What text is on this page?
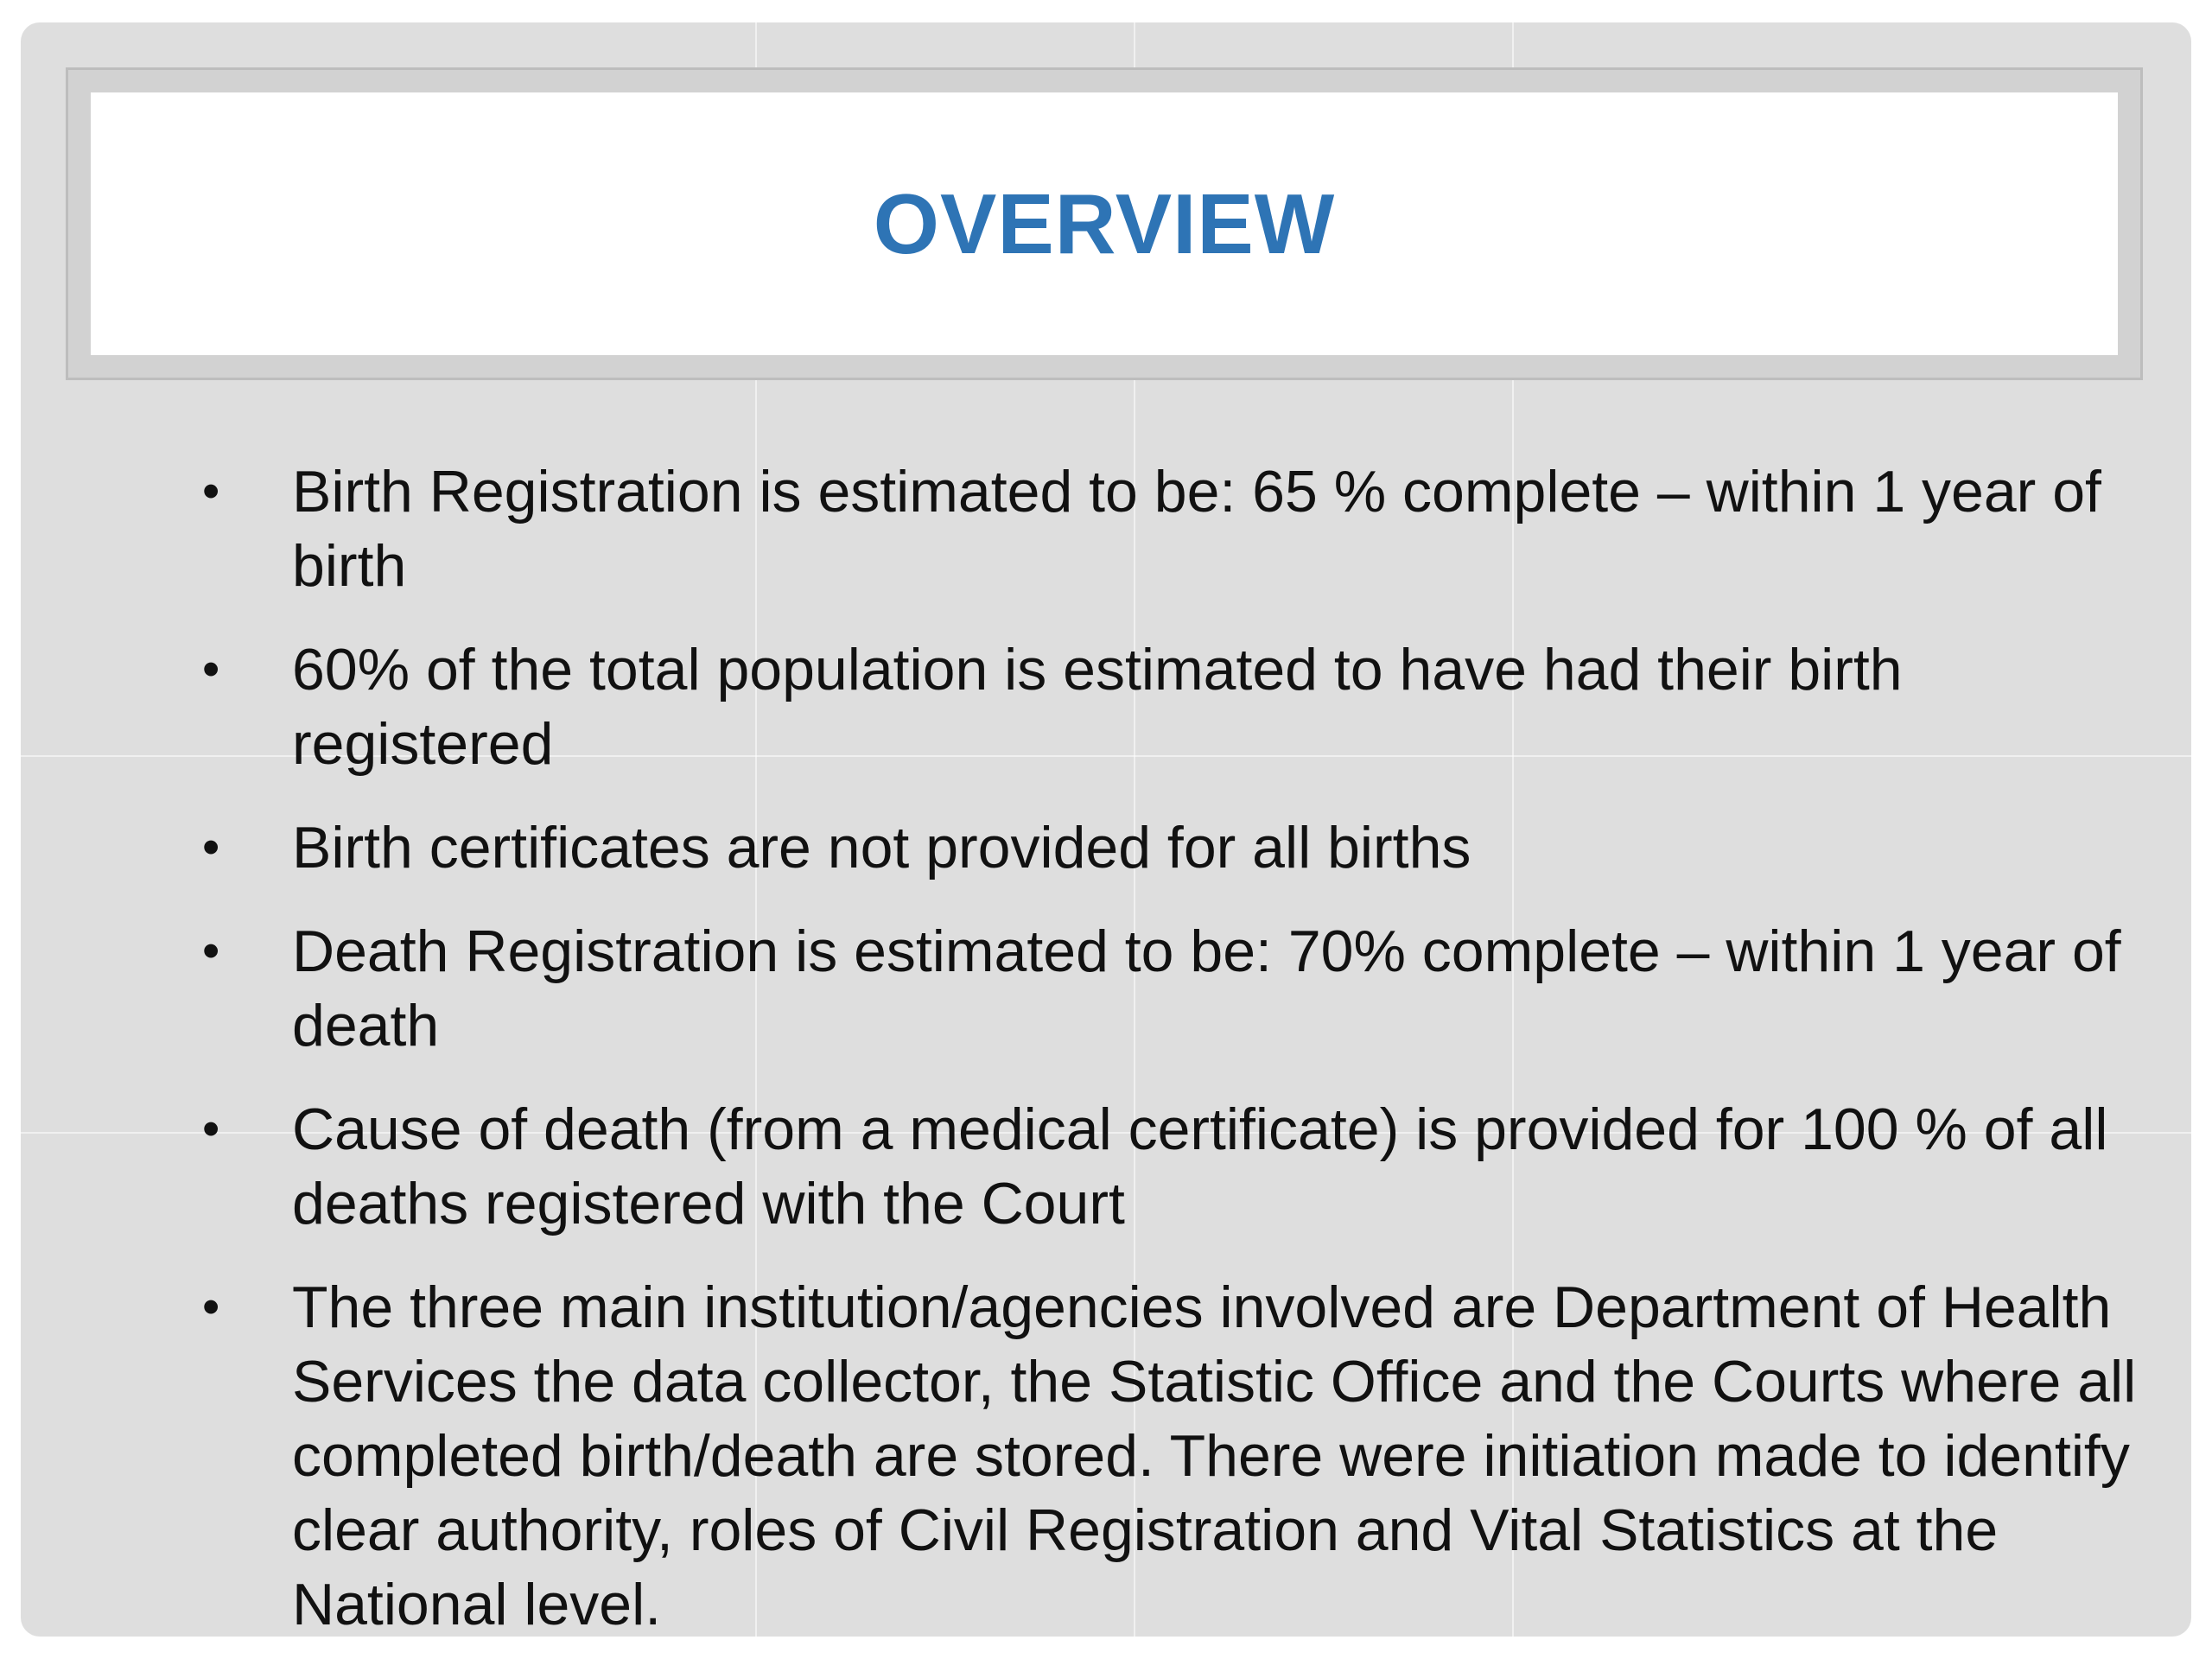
OVERVIEW
• Birth Registration is estimated to be: 65 % complete – within 1 year of birth
• 60% of the total population is estimated to have had their birth registered
• Birth certificates are not provided for all births
• Death Registration is estimated to be: 70% complete – within 1 year of death
• Cause of death (from a medical certificate) is provided for 100 % of all deaths registered with the Court
• The three main institution/agencies involved are Department of Health Services the data collector, the Statistic Office and the Courts where all completed birth/death are stored. There were initiation made to identify clear authority, roles of Civil Registration and Vital Statistics at the National level.
